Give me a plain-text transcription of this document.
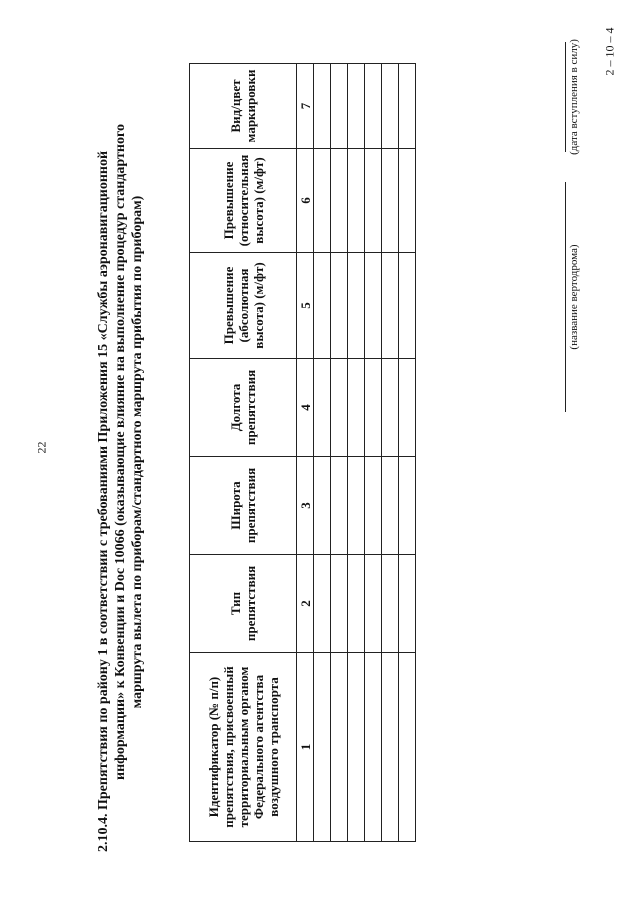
22
2 – 10 – 4
2.10.4. Препятствия по району 1 в соответствии с требованиями Приложения 15 «Службы аэронавигационной информации» к Конвенции и Doc 10066 (оказывающие влияние на выполнение процедур стандартного маршрута вылета по приборам/стандартного маршрута прибытия по приборам)
Идентификатор (№ п/п) препятствия, присвоенный территориальным органом Федерального агентства воздушного транспорта	Тип препятствия	Широта препятствия	Долгота препятствия	Превышение (абсолютная высота) (м/фт)	Превышение (относительная высота) (м/фт)	Вид/цвет маркировки
1	2	3	4	5	6	7

(название вертодрома)
(дата вступления в силу)
